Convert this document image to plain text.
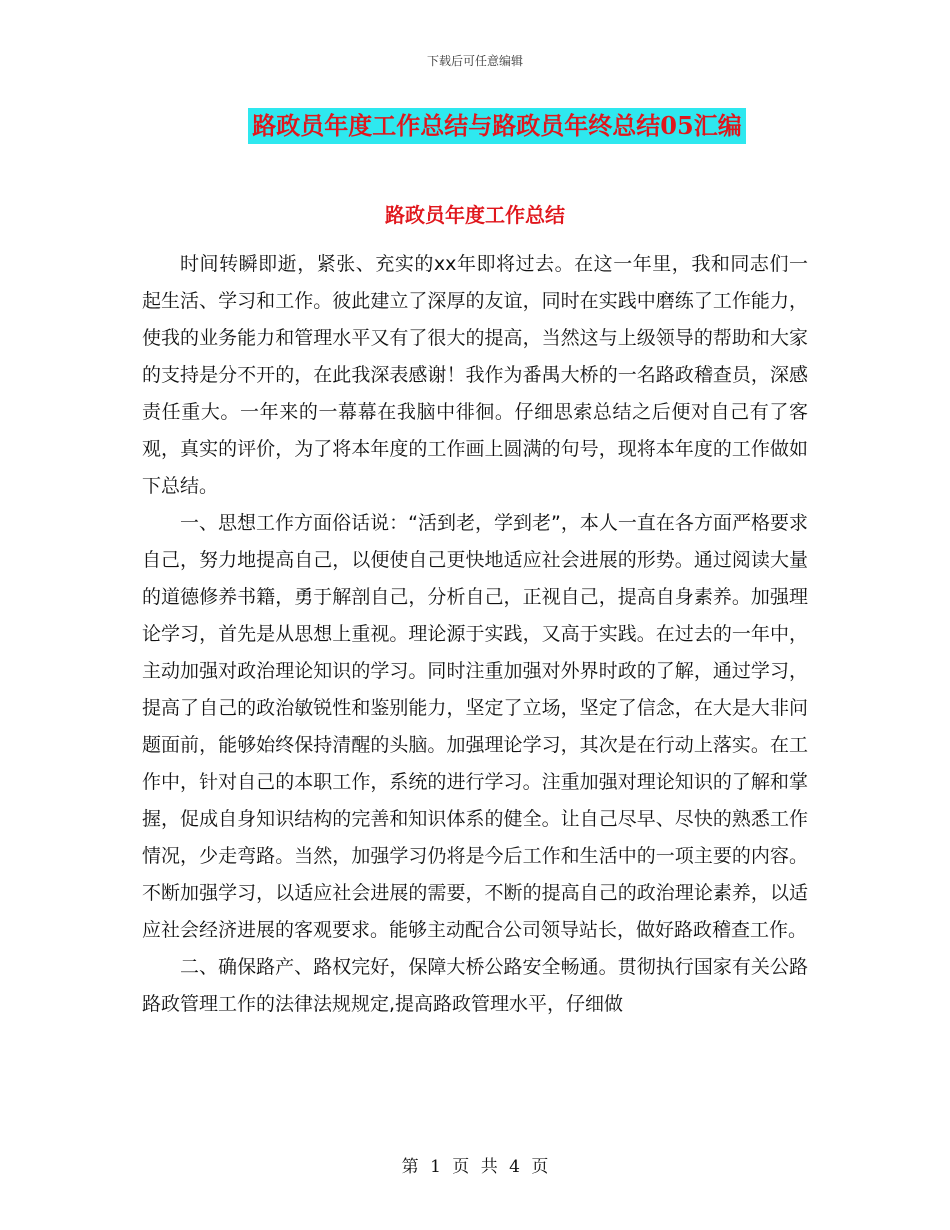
下载后可任意编辑
路政员年度工作总结与路政员年终总结05汇编
路政员年度工作总结

时间转瞬即逝，紧张、充实的xx年即将过去。在这一年里，我和同志们一起生活、学习和工作。彼此建立了深厚的友谊，同时在实践中磨练了工作能力，使我的业务能力和管理水平又有了很大的提高，当然这与上级领导的帮助和大家的支持是分不开的，在此我深表感谢！我作为番禺大桥的一名路政稽查员，深感责任重大。一年来的一幕幕在我脑中徘徊。仔细思索总结之后便对自己有了客观，真实的评价，为了将本年度的工作画上圆满的句号，现将本年度的工作做如下总结。

一、思想工作方面俗话说：“活到老，学到老”，本人一直在各方面严格要求自己，努力地提高自己，以便使自己更快地适应社会进展的形势。通过阅读大量的道德修养书籍，勇于解剖自己，分析自己，正视自己，提高自身素养。加强理论学习，首先是从思想上重视。理论源于实践，又高于实践。在过去的一年中，主动加强对政治理论知识的学习。同时注重加强对外界时政的了解，通过学习，提高了自己的政治敏锐性和鉴别能力，坚定了立场，坚定了信念，在大是大非问题面前，能够始终保持清醒的头脑。加强理论学习，其次是在行动上落实。在工作中，针对自己的本职工作，系统的进行学习。注重加强对理论知识的了解和掌握，促成自身知识结构的完善和知识体系的健全。让自己尽早、尽快的熟悉工作情况，少走弯路。当然，加强学习仍将是今后工作和生活中的一项主要的内容。不断加强学习，以适应社会进展的需要，不断的提高自己的政治理论素养，以适应社会经济进展的客观要求。能够主动配合公司领导站长，做好路政稽查工作。

二、确保路产、路权完好，保障大桥公路安全畅通。贯彻执行国家有关公路路政管理工作的法律法规规定,提高路政管理水平，仔细做

第 1 页 共 4 页
